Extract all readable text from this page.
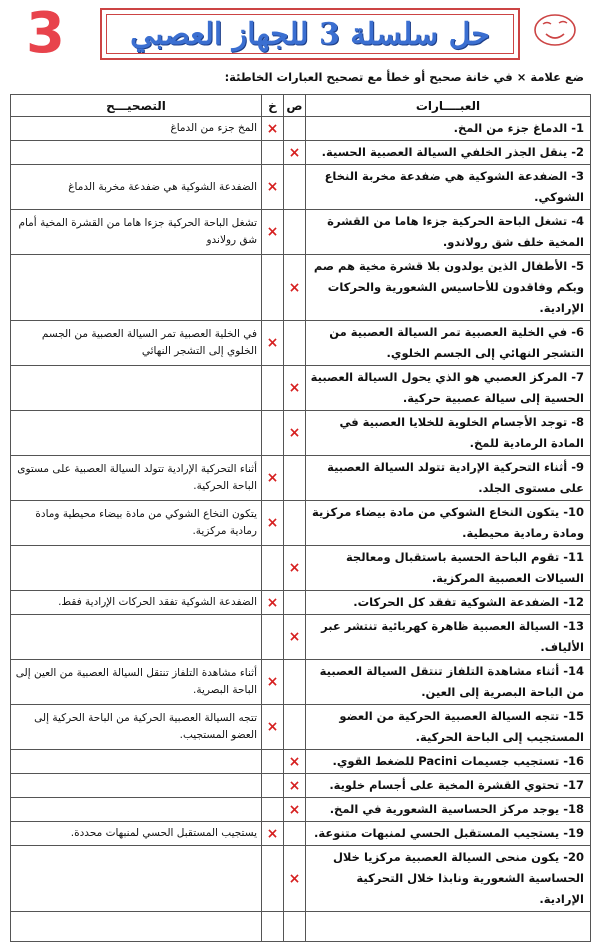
3 حل سلسلة 3 للجهاز العصبي
ضع علامة × في خانة صحيح أو خطأ مع تصحيح العبارات الخاطئة:
العبــــارات	ص	خ	التصحيـــح
1- الدماغ جزء من المخ.		×	المخ جزء من الدماغ
2- ينقل الجذر الخلفي السيالة العصبية الحسية.	×		
3- الضفدعة الشوكية هي ضفدعة مخربة النخاع الشوكي.		×	الضفدعة الشوكية هي ضفدعة مخربة الدماغ
4- تشغل الباحة الحركية جزءا هاما من القشرة المخية خلف شق رولاندو.		×	تشغل الباحة الحركية جزءا هاما من القشرة المخية أمام شق رولاندو
5- الأطفال الذين يولدون بلا قشرة مخية هم صم وبكم وفاقدون للأحاسيس الشعورية والحركات الإرادية.	×		
6- في الخلية العصبية تمر السيالة العصبية من التشجر النهائي إلى الجسم الخلوي.		×	في الخلية العصبية تمر السيالة العصبية من الجسم الخلوي إلى التشجر النهائي
7- المركز العصبي هو الذي يحول السيالة العصبية الحسية إلى سيالة عصبية حركية.	×		
8- توجد الأجسام الخلوية للخلايا العصبية في المادة الرمادية للمخ.	×		
9- أثناء التحركية الإرادية تتولد السيالة العصبية على مستوى الجلد.		×	أثناء التحركية الإرادية تتولد السيالة العصبية على مستوى الباحة الحركية.
10- يتكون النخاع الشوكي من مادة بيضاء مركزية ومادة رمادية محيطية.		×	يتكون النخاع الشوكي من مادة بيضاء محيطية ومادة رمادية مركزية.
11- تقوم الباحة الحسية باستقبال ومعالجة السيالات العصبية المركزية.	×		
12- الضفدعة الشوكية تفقد كل الحركات.		×	الضفدعة الشوكية تفقد الحركات الإرادية فقط.
13- السيالة العصبية ظاهرة كهربائية تنتشر عبر الألياف.	×		
14- أثناء مشاهدة التلفاز تنتقل السيالة العصبية من الباحة البصرية إلى العين.		×	أثناء مشاهدة التلفاز تنتقل السيالة العصبية من العين إلى الباحة البصرية.
15- تتجه السيالة العصبية الحركية من العضو المستجيب إلى الباحة الحركية.		×	تتجه السيالة العصبية الحركية من الباحة الحركية إلى العضو المستجيب.
16- تستجيب جسيمات Pacini للضغط القوي.	×		
17- تحتوي القشرة المخية على أجسام خلوية.	×		
18- يوجد مركز الحساسية الشعورية في المخ.	×		
19- يستجيب المستقبل الحسي لمنبهات متنوعة.		×	يستجيب المستقبل الحسي لمنبهات محددة.
20- يكون منحى السيالة العصبية مركزيا خلال الحساسية الشعورية ونابذا خلال التحركية الإرادية.	×		
